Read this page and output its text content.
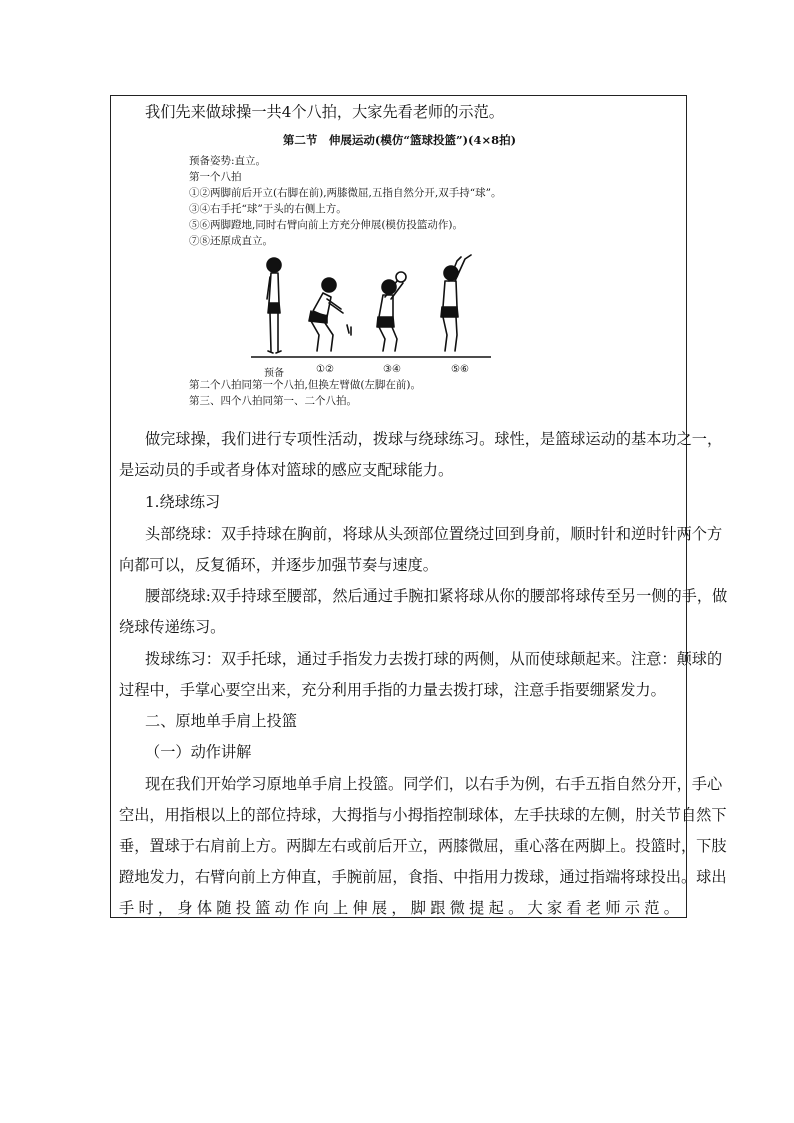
我们先来做球操一共4个八拍，大家先看老师的示范。
第二节　伸展运动(模仿“篮球投篮”)(4×8拍)
预备姿势:直立。
第一个八拍
①②两脚前后开立(右脚在前),两膝微屈,五指自然分开,双手持“球”。
③④右手托“球”于头的右侧上方。
⑤⑥两脚蹬地,同时右臂向前上方充分伸展(模仿投篮动作)。
⑦⑧还原成直立。
预备	①②	③④	⑤⑥
第二个八拍同第一个八拍,但换左臂做(左脚在前)。
第三、四个八拍同第一、二个八拍。
做完球操，我们进行专项性活动，拨球与绕球练习。球性，是篮球运动的基本功之一，
是运动员的手或者身体对篮球的感应支配球能力。
1.绕球练习
头部绕球：双手持球在胸前，将球从头颈部位置绕过回到身前，顺时针和逆时针两个方
向都可以，反复循环，并逐步加强节奏与速度。
腰部绕球:双手持球至腰部，然后通过手腕扣紧将球从你的腰部将球传至另一侧的手，做
绕球传递练习。
拨球练习：双手托球，通过手指发力去拨打球的两侧，从而使球颠起来。注意：颠球的
过程中，手掌心要空出来，充分利用手指的力量去拨打球，注意手指要绷紧发力。
二、原地单手肩上投篮
（一）动作讲解
现在我们开始学习原地单手肩上投篮。同学们，以右手为例，右手五指自然分开，手心
空出，用指根以上的部位持球，大拇指与小拇指控制球体，左手扶球的左侧，肘关节自然下
垂，置球于右肩前上方。两脚左右或前后开立，两膝微屈，重心落在两脚上。投篮时，下肢
蹬地发力，右臂向前上方伸直，手腕前屈，食指、中指用力拨球，通过指端将球投出。球出
手 时 ， 身 体 随 投 篮 动 作 向 上 伸 展 ， 脚 跟 微 提 起 。 大 家 看 老 师 示 范 。
